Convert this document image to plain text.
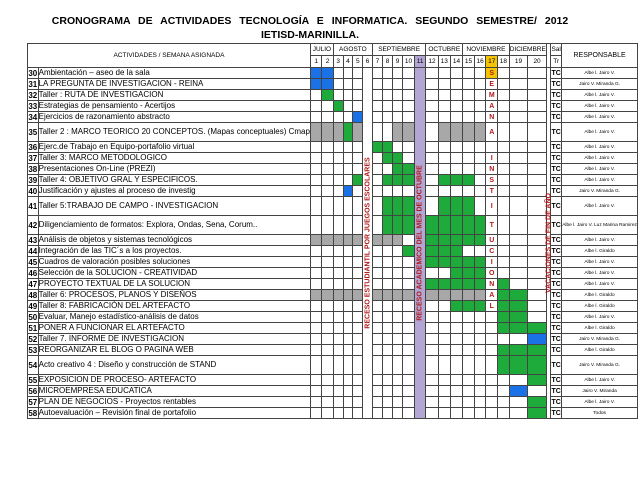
CRONOGRAMA DE ACTIVIDADES TECNOLOGÍA E INFORMATICA. SEGUNDO SEMESTRE/ 2012
IETISD-MARINILLA.
ACTIVIDADES / SEMANA ASIGNADA		JULIO		AGOSTO				SEPTIEMBRE					OCTUBRE			NOVIEMBRE				DICIEMBRE			Sal	RESPONSABLE
		1	2	3	4	5	6	7	8	9	10	11	12	13	14	15	16	17	18	19	20		Tr	
30	Ambientación – aseo de la sala						RECESO ESTUDIANTIL POR JUEGOS ESCOLARES					RECESO ACADEMICO DEL MES DE OCTUBRE						S				VACACIONES DE FIN DE AÑO	TC	Albe l. Jairo V.
31	LA PREGUNTA DE INVESTIGACION - REINA																	E					TC	Jairo V. Miranda G.
32	Taller : RUTA DE INVESTIGACION																	M					TC	Albe l. Jairo V.
33	Estrategias de pensamiento - Acertijos																	A					TC	Albe l. Jairo V.
34	Ejercicios de razonamiento abstracto																	N					TC	Albe l. Jairo V.
35	Taller 2 : MARCO TEORICO 20 CONCEPTOS. (Mapas conceptuales) Cmap																	A					TC	Albe l. Jairo V.
36	Ejerc.de Trabajo en Equipo-portafolio virtual																						TC	Albe l. Jairo V.
37	Taller 3: MARCO METODOLOGICO																	I					TC	Albe l. Jairo V.
38	Presentaciones On-Line (PREZI)																	N					TC	Albe l. Jairo V.
39	Taller 4: OBJETIVO GRAL Y ESPECIFICOS.																	S					TC	Albe l. Jairo V.
40	Justificación y ajustes al proceso de investig																	T					TC	Jairo V. Miranda G.
41	Taller 5:TRABAJO DE CAMPO - INVESTIGACION																	I					TC	Albe l. Jairo V.
42	Diligenciamiento de formatos: Explora, Ondas, Sena, Corum..																	T					TC	Albe l. Jairo V. Luz Marina Ramirez
43	Análisis de objetos y sistemas tecnológicos																	U					TC	Albe l. Jairo V.
44	Integración de las TIC´s a los proyectos.																	C					TC	Albe l. Giraldo
45	Cuadros de valoración posibles soluciones																	I					TC	Albe l. Jairo V.
46	Selección de la SOLUCION - CREATIVIDAD																	O					TC	Albe l. Jairo V.
47	PROYECTO TEXTUAL DE LA SOLUCION																	N					TC	Albe l. Jairo V.
48	Taller 6: PROCESOS, PLANOS Y DISEÑOS																	A					TC	Albe l. Giraldo
49	Taller 8: FABRICACIÓN DEL ARTEFACTO																	L					TC	Albe l. Giraldo
50	Evaluar, Manejo estadístico-análisis de datos																						TC	Albe l. Jairo V.
51	PONER A FUNCIONAR EL ARTEFACTO																						TC	Albe l. Giraldo
52	Taller 7. INFORME DE INVESTIGACION																						TC	Jairo V. Miranda G.
53	REORGANIZAR EL BLOG O PAGINA WEB																						TC	Albe l. Giraldo
54	Acto creativo 4 : Diseño y construcción de STAND																						TC	Jairo V. Miranda G.
55	EXPOSICION DE PROCESO- ARTEFACTO																						TC	Albe l. Jairo V.
56	MICROEMPRESA EDUCATICA																						TC	Jairo V. Miranda
57	PLAN DE NEGOCIOS - Proyectos rentables																						TC	Albe l. Jairo V.
58	Autoevaluación – Revisión final de portafolio																						TC	Todos
